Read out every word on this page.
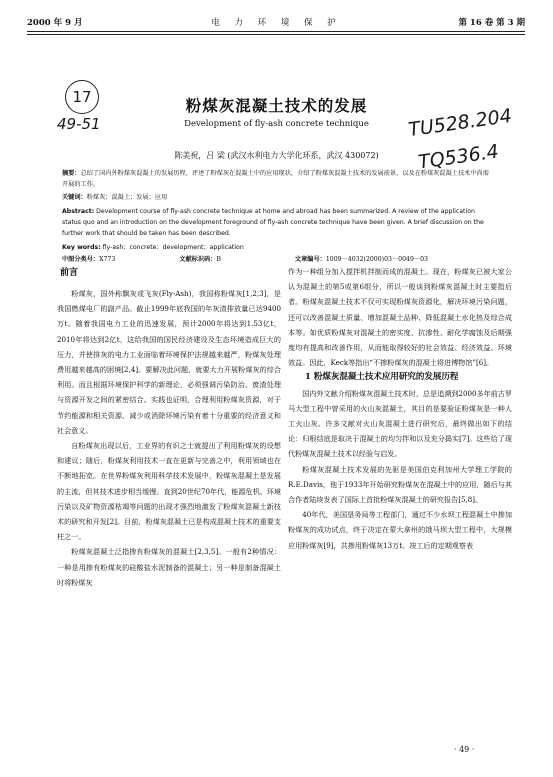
2000 年 9 月	电 力 环 境 保 护	第 16 卷 第 3 期
17
49-51	TU528.204
TQ536.4
粉煤灰混凝土技术的发展
Development of fly-ash concrete technique
陈美祝，吕 梁 (武汉水利电力大学化环系，武汉 430072)
摘要：总结了国内外粉煤灰混凝土的发展历程，评述了粉煤灰在混凝土中的应用现状，介绍了粉煤灰混凝土技术的发展前景，以及在粉煤灰混凝土技术中尚需开展的工作。
关键词：粉煤灰；混凝土；发展；应用
Abstract: Development course of fly-ash concrete technique at home and abroad has been summarized. A review of the application status quo and an introduction on the development foreground of fly-ash concrete technique have been given. A brief discussion on the further work that should be taken has been described.
Key words: fly-ash；concrete；development；application
中图分类号：X773	文献标识码：B	文章编号：1009－4032(2000)03－0049－03
前言

粉煤灰，国外称飘灰或飞灰(Fly-Ash)，我国称粉煤灰[1,2,3]，是我国燃煤电厂的副产品。截止1999年底我国的年灰渣排放量已达9400万t。随着我国电力工业的迅速发展，预计2000年将达到1.53亿t，2010年将达到2亿t，这给我国的国民经济建设及生态环境造成巨大的压力，并使排灰的电力工业面临着环境保护法规越来越严，粉煤灰处理费用越来越高的困境[2,4]。要解决此问题，就要大力开展粉煤灰的综合利用。而且根据环境保护科学的新理论，必须强调污染防治、废渣处理与资源开发之间的紧密结合。实践也证明，合理利用粉煤灰资源，对于节约能源和相关资源、减少或消除环境污染有着十分重要的经济意义和社会意义。

自粉煤灰出现以后，工业界的有识之士就提出了利用粉煤灰的设想和建议；随后，粉煤灰利用技术一直在更新与完善之中，利用领域也在不断地拓宽。在世界粉煤灰利用科学技术发展中，粉煤灰混凝土是发展的主流，但其技术进步相当缓慢。直到20世纪70年代，能源危机、环境污染以及矿物资源枯竭等问题的出现才强烈地激发了粉煤灰混凝土新技术的研究和开发[2]。目前，粉煤灰混凝土已是构成混凝土技术的重要支柱之一。

粉煤灰混凝土泛指掺有粉煤灰的混凝土[2,3,5]。一般有2种情况：一种是用掺有粉煤灰的硅酸盐水泥制备的混凝土；另一种是制备混凝土时将粉煤灰

作为一种组分加入搅拌机拌制而成的混凝土。现在，粉煤灰已被大家公认为混凝土的第5或第6组分，所以一般谈到粉煤灰混凝土时主要指后者。粉煤灰混凝土技术不仅可实现粉煤灰资源化，解决环境污染问题，还可以改善混凝土质量、增加混凝土品种、降低混凝土水化热及综合成本等。如优质粉煤灰对混凝土的密实度、抗渗性、耐化学腐蚀及后期强度均有提高和改善作用，从而能取得较好的社会效益、经济效益、环境效益。因此，Keck等指出“不掺粉煤灰的混凝土将进博物馆”[6]。

1 粉煤灰混凝土技术应用研究的发展历程

国内外文献介绍粉煤灰混凝土技术时，总是追溯到2000多年前古罗马大型工程中曾采用的火山灰混凝土，其目的是要验证粉煤灰是一种人工火山灰。许多文献对火山灰混凝土进行研究后，最终做出如下的结论：归根结底是取决于混凝土的均匀拌和以及充分捣实[7]。这些给了现代粉煤灰混凝土技术以经验与启发。

粉煤灰混凝土技术发展的先驱是美国伯克利加州大学理工学院的R.E.Davis，他于1933年开始研究粉煤灰在混凝土中的应用，随后与其合作者陆续发表了国际上首批粉煤灰混凝土的研究报告[5,8]。

40年代，美国垦务局等工程部门，通过不少水坝工程混凝土中掺加粉煤灰的成功试点，终于决定在蒙大拿州的饿马坝大型工程中，大规模应用粉煤灰[9]，共掺用粉煤灰13万t。竣工后的定期观察表

· 49 ·
